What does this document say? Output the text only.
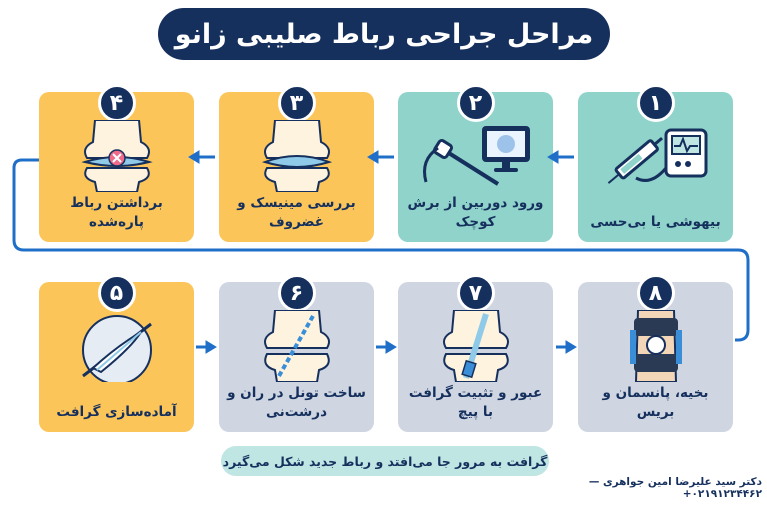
مراحل جراحی رباط صلیبی زانو
۱
بیهوشی یا بی‌حسی
۲
ورود دوربین از برش کوچک
۳
بررسی مینیسک و غضروف
۴
برداشتن رباط پاره‌شده
۵
آماده‌سازی گرافت
۶
ساخت تونل در ران و درشت‌نی
۷
عبور و تثبیت گرافت با پیچ
۸
بخیه، پانسمان و بریس
گرافت به مرور جا می‌افتد و رباط جدید شکل می‌گیرد
دکتر سید علیرضا امین جواهری — ۰۲۱۹۱۲۳۴۴۶۲+
